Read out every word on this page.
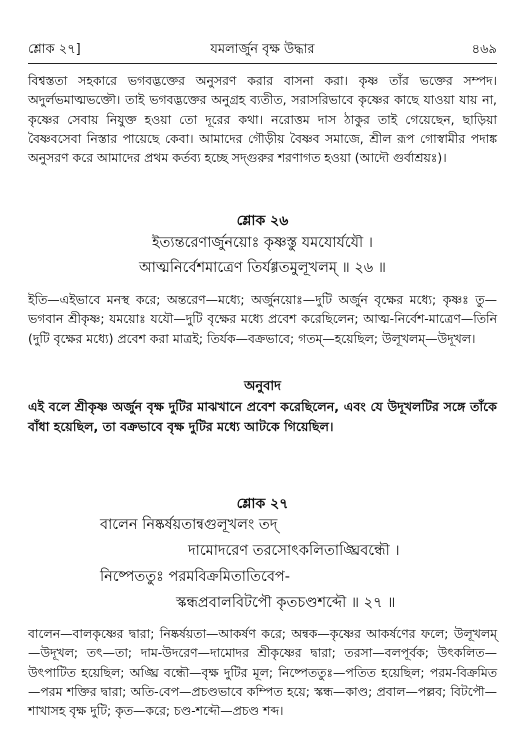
শ্লোক ২৭]	যমলার্জুন বৃক্ষ উদ্ধার	৪৬৯
বিশ্বস্ততা সহকারে ভগবদ্ভক্তের অনুসরণ করার বাসনা করা। কৃষ্ণ তাঁর ভক্তের সম্পদ। অদুর্লভমাত্মভক্তৌ। তাই ভগবদ্ভক্তের অনুগ্রহ ব্যতীত, সরাসরিভাবে কৃষ্ণের কাছে যাওয়া যায় না, কৃষ্ণের সেবায় নিযুক্ত হওয়া তো দূরের কথা। নরোত্তম দাস ঠাকুর তাই গেয়েছেন, ছাড়িয়া বৈষ্ণবসেবা নিস্তার পায়েছে কেবা। আমাদের গৌড়ীয় বৈষ্ণব সমাজে, শ্রীল রূপ গোস্বামীর পদাঙ্ক অনুসরণ করে আমাদের প্রথম কর্তব্য হচ্ছে সদ্গুরুর শরণাগত হওয়া (আদৌ গুর্বাশ্রয়ঃ)।
শ্লোক ২৬
ইত্যন্তরেণার্জুনয়োঃ কৃষ্ণস্তু যমযোর্যযৌ ।
আত্মনির্বেশমাত্রেণ তির্যগ্গতমুলূখলম্ ॥ ২৬ ॥
ইতি—এইভাবে মনস্থ করে; অন্তরেণ—মধ্যে; অর্জুনয়োঃ—দুটি অর্জুন বৃক্ষের মধ্যে; কৃষ্ণঃ তু—ভগবান শ্রীকৃষ্ণ; যময়োঃ যযৌ—দুটি বৃক্ষের মধ্যে প্রবেশ করেছিলেন; আত্ম-নির্বেশ-মাত্রেণ—তিনি (দুটি বৃক্ষের মধ্যে) প্রবেশ করা মাত্রই; তির্যক—বক্রভাবে; গতম্—হয়েছিল; উলূখলম্—উদূখল।
অনুবাদ
এই বলে শ্রীকৃষ্ণ অর্জুন বৃক্ষ দুটির মাঝখানে প্রবেশ করেছিলেন, এবং যে উদূখলটির সঙ্গে তাঁকে বাঁধা হয়েছিল, তা বক্রভাবে বৃক্ষ দুটির মধ্যে আটকে গিয়েছিল।
শ্লোক ২৭
বালেন নিষ্কর্ষয়তান্বগুলূখলং তদ্
দামোদরেণ তরসোৎকলিতাঙ্ঘ্রিবন্ধৌ ।
নিষ্পেততুঃ পরমবিক্রমিতাতিবেপ-
স্কন্ধপ্রবালবিটপৌ কৃতচণ্ডশব্দৌ ॥ ২৭ ॥
বালেন—বালকৃষ্ণের দ্বারা; নিষ্কর্ষয়তা—আকর্ষণ করে; অন্বক—কৃষ্ণের আকর্ষণের ফলে; উলূখলম্—উদূখল; তৎ—তা; দাম-উদরেণ—দামোদর শ্রীকৃষ্ণের দ্বারা; তরসা—বলপূর্বক; উৎকলিত—উৎপাটিত হয়েছিল; অঙ্ঘ্রি বন্ধৌ—বৃক্ষ দুটির মূল; নিষ্পেততুঃ—পতিত হয়েছিল; পরম-বিক্রমিত—পরম শক্তির দ্বারা; অতি-বেপ—প্রচণ্ডভাবে কম্পিত হয়ে; স্কন্ধ—কাণ্ড; প্রবাল—পল্লব; বিটপৌ—শাখাসহ বৃক্ষ দুটি; কৃত—করে; চণ্ড-শব্দৌ—প্রচণ্ড শব্দ।
